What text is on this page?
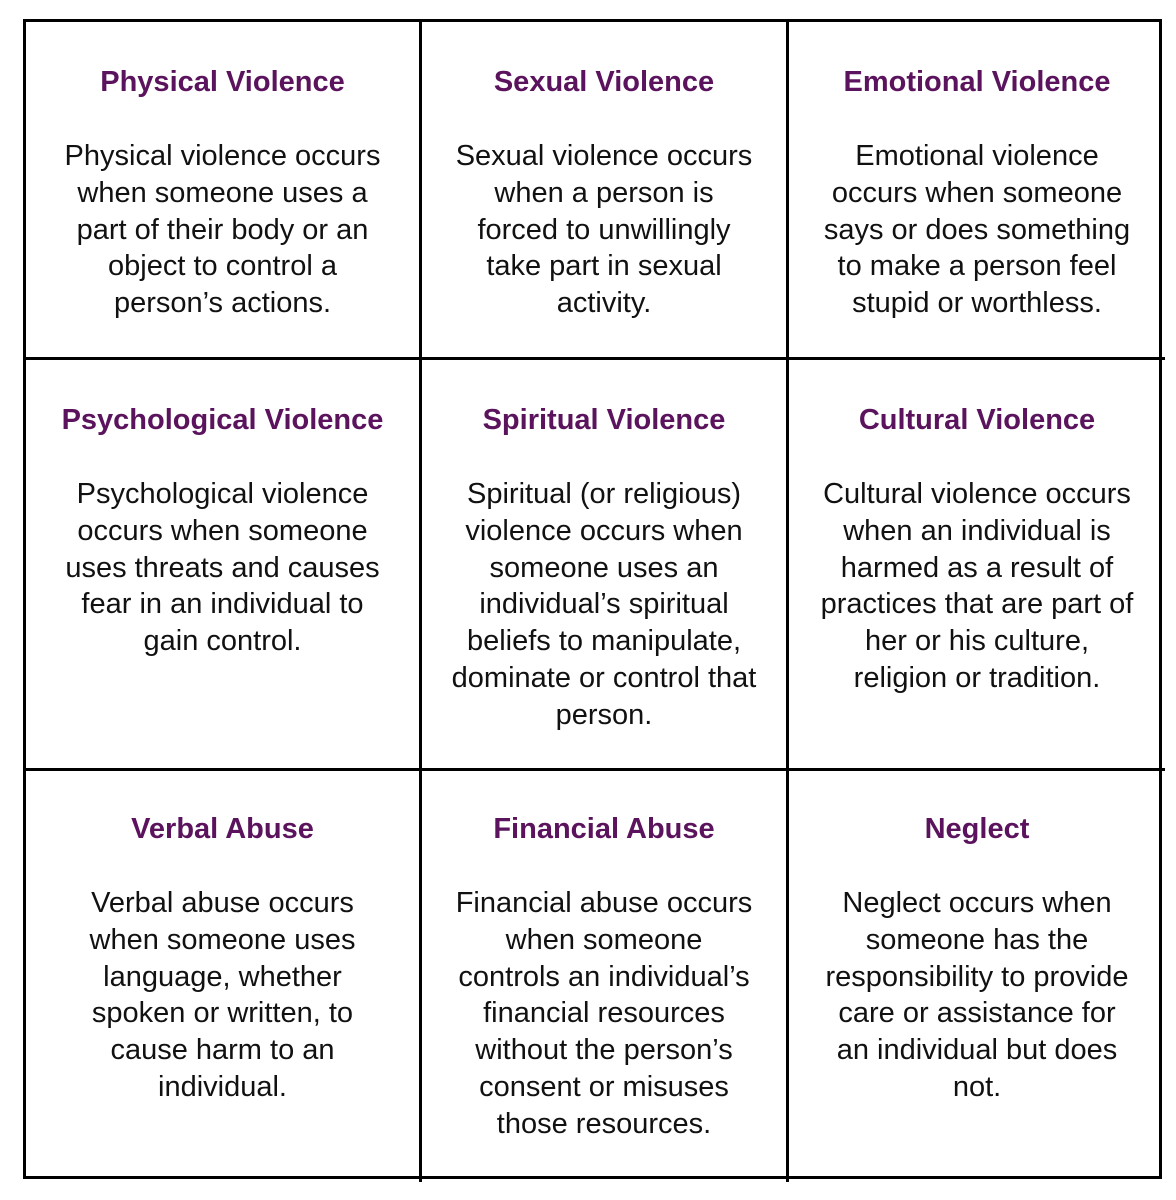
Physical Violence
Physical violence occurs
when someone uses a
part of their body or an
object to control a
person’s actions.
Sexual Violence
Sexual violence occurs
when a person is
forced to unwillingly
take part in sexual
activity.
Emotional Violence
Emotional violence
occurs when someone
says or does something
to make a person feel
stupid or worthless.
Psychological Violence
Psychological violence
occurs when someone
uses threats and causes
fear in an individual to
gain control.
Spiritual Violence
Spiritual (or religious)
violence occurs when
someone uses an
individual’s spiritual
beliefs to manipulate,
dominate or control that
person.
Cultural Violence
Cultural violence occurs
when an individual is
harmed as a result of
practices that are part of
her or his culture,
religion or tradition.
Verbal Abuse
Verbal abuse occurs
when someone uses
language, whether
spoken or written, to
cause harm to an
individual.
Financial Abuse
Financial abuse occurs
when someone
controls an individual’s
financial resources
without the person’s
consent or misuses
those resources.
Neglect
Neglect occurs when
someone has the
responsibility to provide
care or assistance for
an individual but does
not.
